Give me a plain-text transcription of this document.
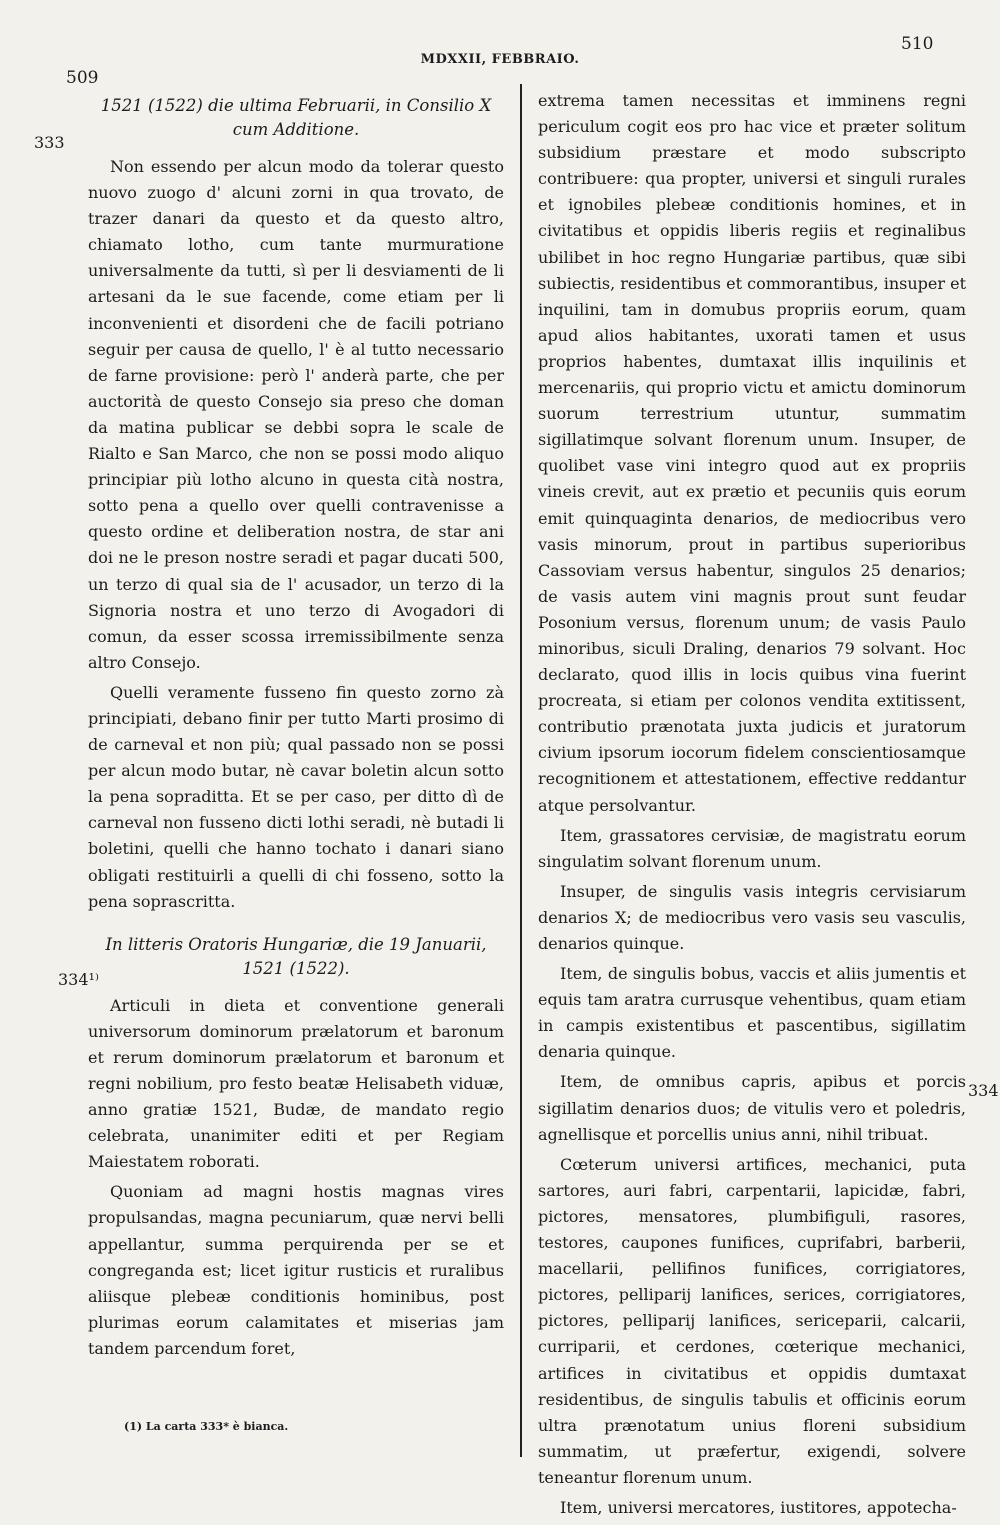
509
MDXXII, FEBBRAIO.
510
333
334¹⁾
334
1521 (1522) die ultima Februarii, in Consilio X cum Additione.

Non essendo per alcun modo da tolerar questo nuovo zuogo d' alcuni zorni in qua trovato, de trazer danari da questo et da questo altro, chiamato lotho, cum tante murmuratione universalmente da tutti, sì per li desviamenti de li artesani da le sue facende, come etiam per li inconvenienti et disordeni che de facili potriano seguir per causa de quello, l' è al tutto necessario de farne provisione: però l' anderà parte, che per auctorità de questo Consejo sia preso che doman da matina publicar se debbi sopra le scale de Rialto e San Marco, che non se possi modo aliquo principiar più lotho alcuno in questa cità nostra, sotto pena a quello over quelli contravenisse a questo ordine et deliberation nostra, de star ani doi ne le preson nostre seradi et pagar ducati 500, un terzo di qual sia de l' acusador, un terzo di la Signoria nostra et uno terzo di Avogadori di comun, da esser scossa irremissibilmente senza altro Consejo.

Quelli veramente fusseno fin questo zorno zà principiati, debano finir per tutto Marti prosimo di de carneval et non più; qual passado non se possi per alcun modo butar, nè cavar boletin alcun sotto la pena sopraditta. Et se per caso, per ditto dì de carneval non fusseno dicti lothi seradi, nè butadi li boletini, quelli che hanno tochato i danari siano obligati restituirli a quelli di chi fosseno, sotto la pena soprascritta.

In litteris Oratoris Hungariæ, die 19 Januarii, 1521 (1522).

Articuli in dieta et conventione generali universorum dominorum prælatorum et baronum et rerum dominorum prælatorum et baronum et regni nobilium, pro festo beatæ Helisabeth viduæ, anno gratiæ 1521, Budæ, de mandato regio celebrata, unanimiter editi et per Regiam Maiestatem roborati.

Quoniam ad magni hostis magnas vires propulsandas, magna pecuniarum, quæ nervi belli appellantur, summa perquirenda per se et congreganda est; licet igitur rusticis et ruralibus aliisque plebeæ conditionis hominibus, post plurimas eorum calamitates et miserias jam tandem parcendum foret,

extrema tamen necessitas et imminens regni periculum cogit eos pro hac vice et præter solitum subsidium præstare et modo subscripto contribuere: qua propter, universi et singuli rurales et ignobiles plebeæ conditionis homines, et in civitatibus et oppidis liberis regiis et reginalibus ubilibet in hoc regno Hungariæ partibus, quæ sibi subiectis, residentibus et commorantibus, insuper et inquilini, tam in domubus propriis eorum, quam apud alios habitantes, uxorati tamen et usus proprios habentes, dumtaxat illis inquilinis et mercenariis, qui proprio victu et amictu dominorum suorum terrestrium utuntur, summatim sigillatimque solvant florenum unum. Insuper, de quolibet vase vini integro quod aut ex propriis vineis crevit, aut ex prætio et pecuniis quis eorum emit quinquaginta denarios, de mediocribus vero vasis minorum, prout in partibus superioribus Cassoviam versus habentur, singulos 25 denarios; de vasis autem vini magnis prout sunt feudar Posonium versus, florenum unum; de vasis Paulo minoribus, siculi Draling, denarios 79 solvant. Hoc declarato, quod illis in locis quibus vina fuerint procreata, si etiam per colonos vendita extitissent, contributio prænotata juxta judicis et juratorum civium ipsorum iocorum fidelem conscientiosamque recognitionem et attestationem, effective reddantur atque persolvantur.

Item, grassatores cervisiæ, de magistratu eorum singulatim solvant florenum unum.

Insuper, de singulis vasis integris cervisiarum denarios X; de mediocribus vero vasis seu vasculis, denarios quinque.

Item, de singulis bobus, vaccis et aliis jumentis et equis tam aratra currusque vehentibus, quam etiam in campis existentibus et pascentibus, sigillatim denaria quinque.

Item, de omnibus capris, apibus et porcis sigillatim denarios duos; de vitulis vero et poledris, agnellisque et porcellis unius anni, nihil tribuat.

Cœterum universi artifices, mechanici, puta sartores, auri fabri, carpentarii, lapicidæ, fabri, pictores, mensatores, plumbifiguli, rasores, testores, caupones funifices, cuprifabri, barberii, macellarii, pellifinos funifices, corrigiatores, pictores, pelliparij lanifices, serices, corrigiatores, pictores, pelliparij lanifices, sericeparii, calcarii, curriparii, et cerdones, cœterique mechanici, artifices in civitatibus et oppidis dumtaxat residentibus, de singulis tabulis et officinis eorum ultra prænotatum unius floreni subsidium summatim, ut præfertur, exigendi, solvere teneantur florenum unum.

Item, universi mercatores, iustitores, appotecha-

(1) La carta 333* è bianca.
